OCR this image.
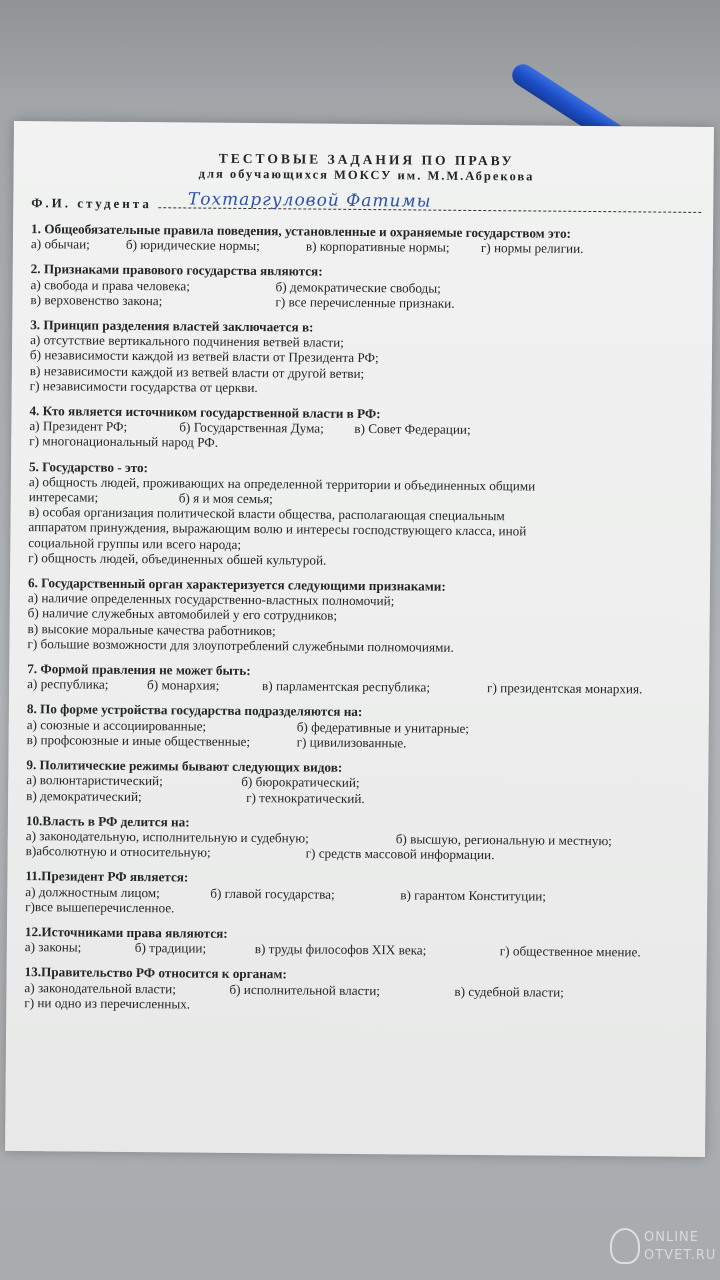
ТЕСТОВЫЕ ЗАДАНИЯ ПО ПРАВУ

для обучающихся МОКСУ им. М.М.Абрекова

Ф.И. студента Тохтаргуловой Фатимы
1. Общеобязательные правила поведения, установленные и охраняемые государством это:
а) обычаи;	б) юридические нормы;	в) корпоративные нормы;	г) нормы религии.
2. Признаками правового государства являются:
а) свобода и права человека;	б) демократические свободы;
в) верховенство закона;	г) все перечисленные признаки.
3. Принцип разделения властей заключается в:
а) отсутствие вертикального подчинения ветвей власти;
б) независимости каждой из ветвей власти от Президента РФ;
в) независимости каждой из ветвей власти от другой ветви;
г) независимости государства от церкви.
4. Кто является источником государственной власти в РФ:
а) Президент РФ;	б) Государственная Дума;	в) Совет Федерации;
г) многонациональный народ РФ.
5. Государство - это:
а) общность людей, проживающих на определенной территории и объединенных общими
интересами;	б) я и моя семья;
в) особая организация политической власти общества, располагающая специальным
аппаратом принуждения, выражающим волю и интересы господствующего класса, иной
социальной группы или всего народа;
г) общность людей, объединенных обшей культурой.
6. Государственный орган характеризуется следующими признаками:
а) наличие определенных государственно-властных полномочий;
б) наличие служебных автомобилей у его сотрудников;
в) высокие моральные качества работников;
г) большие возможности для злоупотреблений служебными полномочиями.
7. Формой правления не может быть:
а) республика;	б) монархия;	в) парламентская республика;	г) президентская монархия.
8. По форме устройства государства подразделяются на:
а) союзные и ассоциированные;	б) федеративные и унитарные;
в) профсоюзные и иные общественные;	г) цивилизованные.
9. Политические режимы бывают следующих видов:
а) волюнтаристический;	б) бюрократический;
в) демократический;	г) технократический.
10.Власть в РФ делится на:
а) законодательную, исполнительную и судебную;	б) высшую, региональную и местную;
в)абсолютную и относительную;	г) средств массовой информации.
11.Президент РФ является:
а) должностным лицом;	б) главой государства;	в) гарантом Конституции;
г)все вышеперечисленное.
12.Источниками права являются:
а) законы;	б) традиции;	в) труды философов XIX века;	г) общественное мнение.
13.Правительство РФ относится к органам:
а) законодательной власти;	б) исполнительной власти;	в) судебной власти;
г) ни одно из перечисленных.
ONLINE
OTVET.RU
